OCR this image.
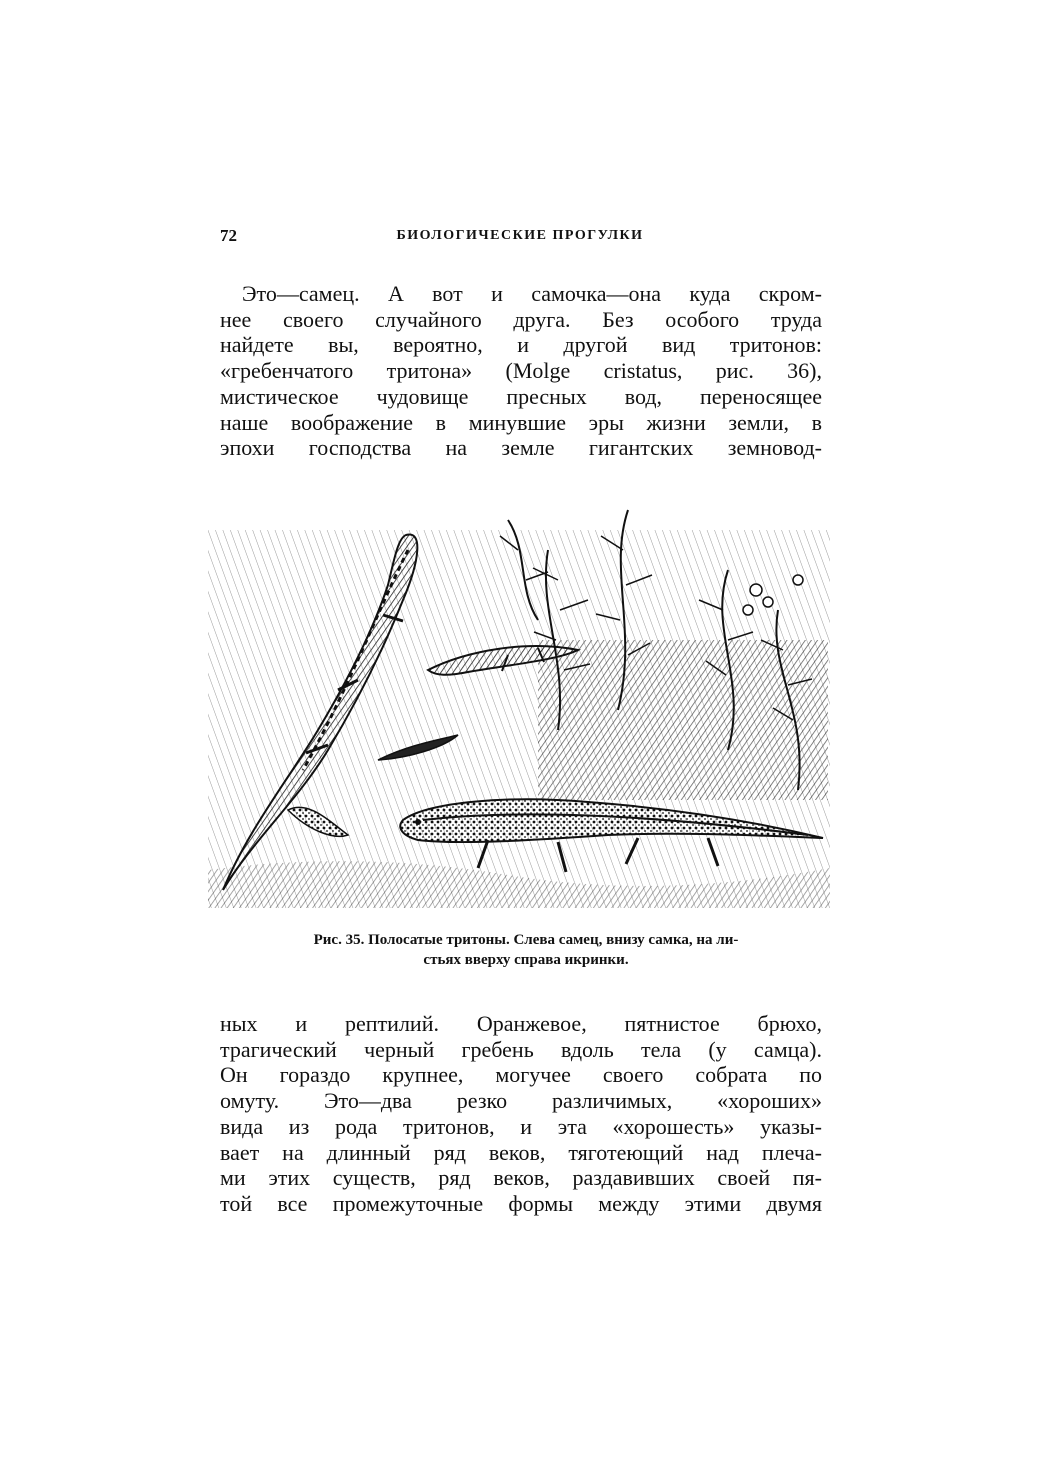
72	БИОЛОГИЧЕСКИЕ ПРОГУЛКИ

Это—самец. А вот и самочка—она куда скром-
нее своего случайного друга. Без особого труда
найдете вы, вероятно, и другой вид тритонов:
«гребенчатого тритона» (Molge cristatus, рис. 36),
мистическое чудовище пресных вод, переносящее
наше воображение в минувшие эры жизни земли, в
эпохи господства на земле гигантских земновод-

Рис. 35. Полосатые тритоны. Слева самец, внизу самка, на ли-
стьях вверху справа икринки.

ных и рептилий. Оранжевое, пятнистое брюхо,
трагический черный гребень вдоль тела (у самца).
Он гораздо крупнее, могучее своего собрата по
омуту. Это—два резко различимых, «хороших»
вида из рода тритонов, и эта «хорошесть» указы-
вает на длинный ряд веков, тяготеющий над плеча-
ми этих существ, ряд веков, раздавивших своей пя-
той все промежуточные формы между этими двумя
